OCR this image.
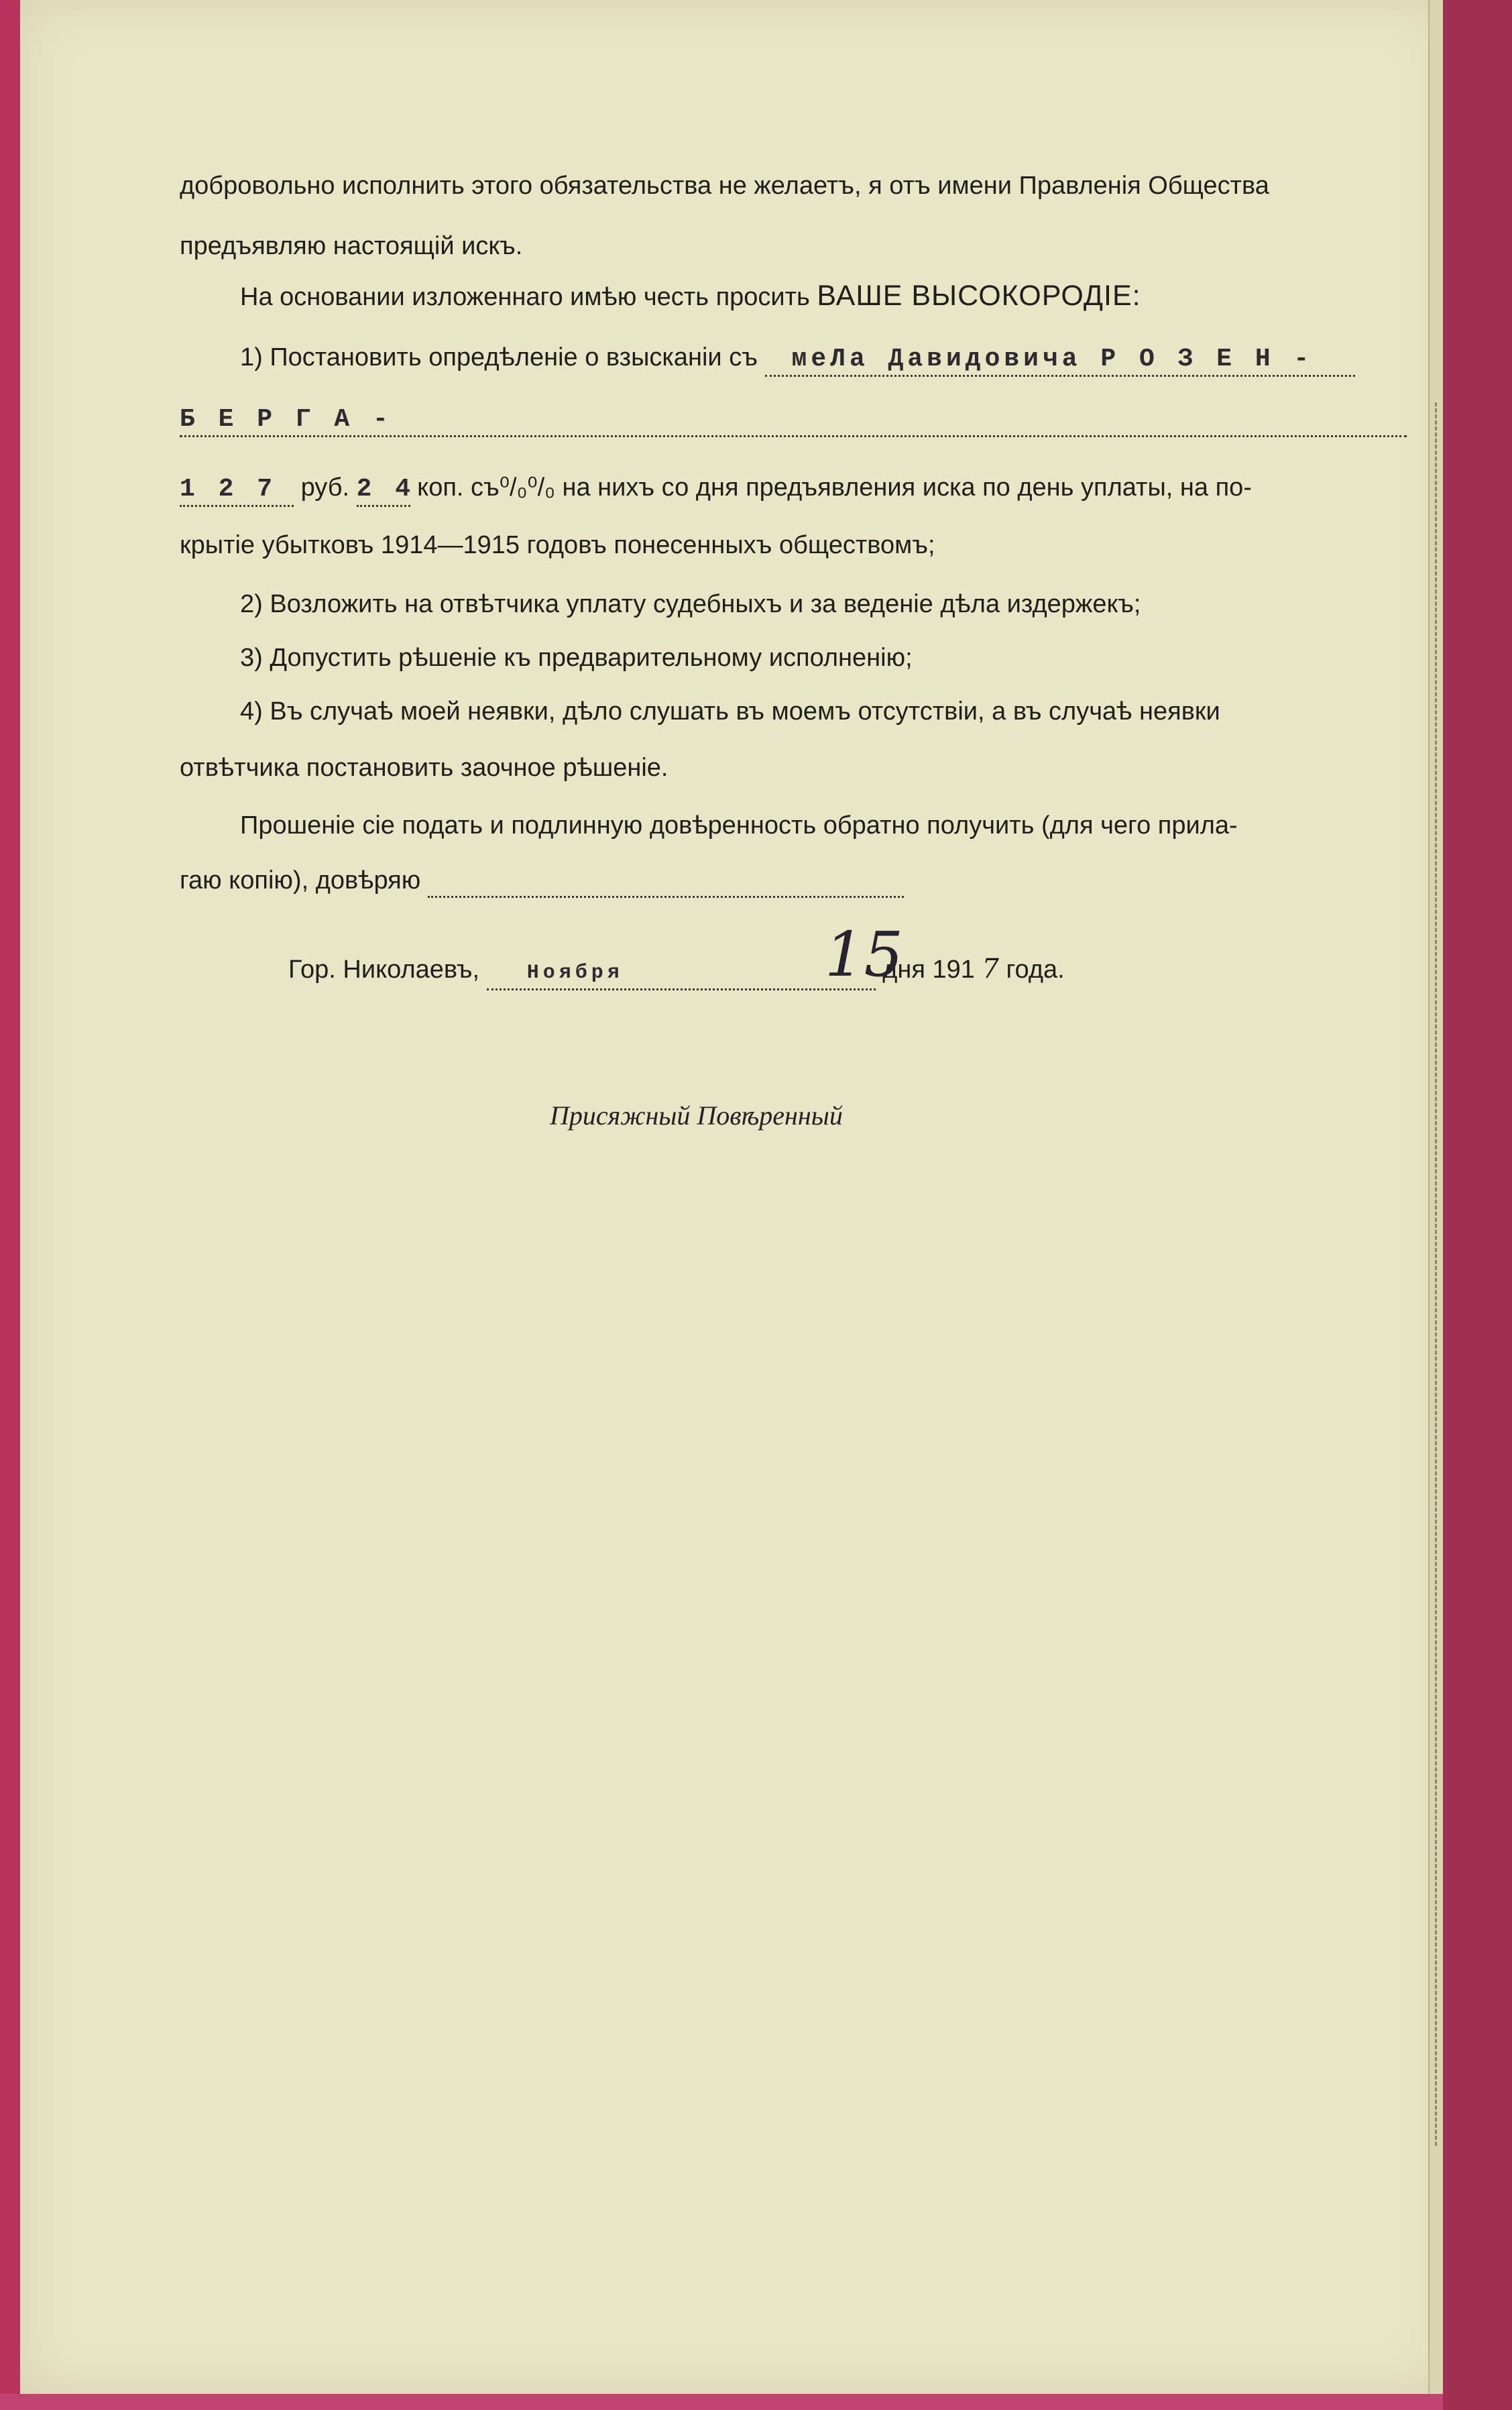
добровольно исполнить этого обязательства не желаетъ, я отъ имени Правленія Общества
предъявляю настоящій искъ.
На основании изложеннаго имѣю честь просить ВАШЕ ВЫСОКОРОДІЕ:
1) Постановить опредѣленіе о взысканіи съ меЛа Давидовича Р О З Е Н -
Б Е Р Г А -
1 2 7 руб. 2 4 коп. съ⁰/₀⁰/₀ на нихъ со дня предъявления иска по день уплаты, на по-
крытіе убытковъ 1914—1915 годовъ понесенныхъ обществомъ;
2) Возложить на отвѣтчика уплату судебныхъ и за веденіе дѣла издержекъ;
3) Допустить рѣшеніе къ предварительному исполненію;
4) Въ случаѣ моей неявки, дѣло слушать въ моемъ отсутствіи, а въ случаѣ неявки
отвѣтчика постановить заочное рѣшеніе.
Прошеніе сіе подать и подлинную довѣренность обратно получить (для чего прила-
гаю копію), довѣряю
Гор. Николаевъ, Ноября	дня 191 7 года.
15
Присяжный Повѣренный
